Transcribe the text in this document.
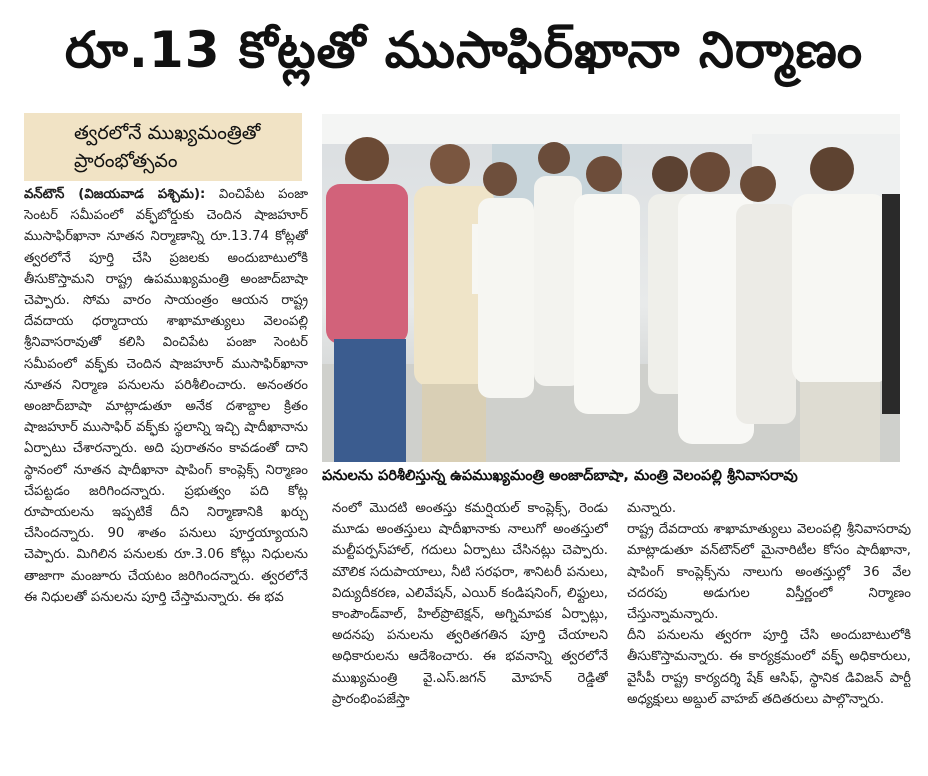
రూ.13 కోట్లతో ముసాఫిర్‌ఖానా నిర్మాణం
త్వరలోనే ముఖ్యమంత్రితో
ప్రారంభోత్సవం

వన్‌టౌన్ (విజయవాడ పశ్చిమ): వించిపేట పంజా సెంటర్ సమీపంలో వక్ఫ్‌బోర్డుకు చెందిన షాజహూర్ ముసాఫిర్‌ఖానా నూతన నిర్మాణాన్ని రూ.13.74 కోట్లతో త్వరలోనే పూర్తి చేసి ప్రజలకు అందుబాటులోకి తీసుకొస్తామని రాష్ట్ర ఉపముఖ్యమంత్రి అంజాద్‌బాషా చెప్పారు. సోమ వారం సాయంత్రం ఆయన రాష్ట్ర దేవదాయ ధర్మాదాయ శాఖామాత్యులు వెలంపల్లి శ్రీనివాసరావుతో కలిసి వించిపేట పంజా సెంటర్ సమీపంలో వక్ఫ్‌కు చెందిన షాజహూర్ ముసాఫిర్‌ఖానా నూతన నిర్మాణ పనులను పరిశీలించారు. అనంతరం అంజాద్‌బాషా మాట్లాడుతూ అనేక దశాబ్దాల క్రితం షాజహూర్ ముసాఫిర్ వక్ఫ్‌కు స్థలాన్ని ఇచ్చి షాదీఖానాను ఏర్పాటు చేశారన్నారు. అది పురాతనం కావడంతో దాని స్థానంలో నూతన షాదీఖానా షాపింగ్ కాంప్లెక్స్ నిర్మాణం చేపట్టడం జరిగిందన్నారు. ప్రభుత్వం పది కోట్ల రూపాయలను ఇప్పటికే దీని నిర్మాణానికి ఖర్చు చేసిందన్నారు. 90 శాతం పనులు పూర్తయ్యాయని చెప్పారు. మిగిలిన పనులకు రూ.3.06 కోట్లు నిధులను తాజాగా మంజూరు చేయటం జరిగిందన్నారు. త్వరలోనే ఈ నిధులతో పనులను పూర్తి చేస్తామన్నారు. ఈ భవ

పనులను పరిశీలిస్తున్న ఉపముఖ్యమంత్రి అంజాద్‌బాషా, మంత్రి వెలంపల్లి శ్రీనివాసరావు

నంలో మొదటి అంతస్తు కమర్షియల్ కాంప్లెక్స్, రెండు మూడు అంతస్తులు షాదీఖానాకు నాలుగో అంతస్తులో మల్టీపర్పస్‌హాల్, గదులు ఏర్పాటు చేసినట్లు చెప్పారు. మౌలిక సదుపాయాలు, నీటి సరఫరా, శానిటరీ పనులు, విద్యుదీకరణ, ఎలివేషన్, ఎయిర్ కండిషనింగ్, లిఫ్టులు, కాంపౌండ్‌వాల్, హిల్‌ప్రొటెక్షన్, అగ్నిమాపక ఏర్పాట్లు, అదనపు పనులను త్వరితగతిన పూర్తి చేయాలని అధికారులను ఆదేశించారు. ఈ భవనాన్ని త్వరలోనే ముఖ్యమంత్రి వై.ఎస్.జగన్ మోహన్ రెడ్డితో ప్రారంభింపజేస్తా

మన్నారు.

రాష్ట్ర దేవదాయ శాఖామాత్యులు వెలంపల్లి శ్రీనివాసరావు మాట్లాడుతూ వన్‌టౌన్‌లో మైనారిటీల కోసం షాదీఖానా, షాపింగ్ కాంప్లెక్స్‌ను నాలుగు అంతస్తుల్లో 36 వేల చదరపు అడుగుల విస్తీర్ణంలో నిర్మాణం చేస్తున్నామన్నారు.

దీని పనులను త్వరగా పూర్తి చేసి అందుబాటులోకి తీసుకొస్తామన్నారు. ఈ కార్యక్రమంలో వక్ఫ్ అధికారులు, వైసీపీ రాష్ట్ర కార్యదర్శి షేక్ ఆసిఫ్, స్థానిక డివిజన్ పార్టీ అధ్యక్షులు అబ్దుల్ వాహబ్ తదితరులు పాల్గొన్నారు.
